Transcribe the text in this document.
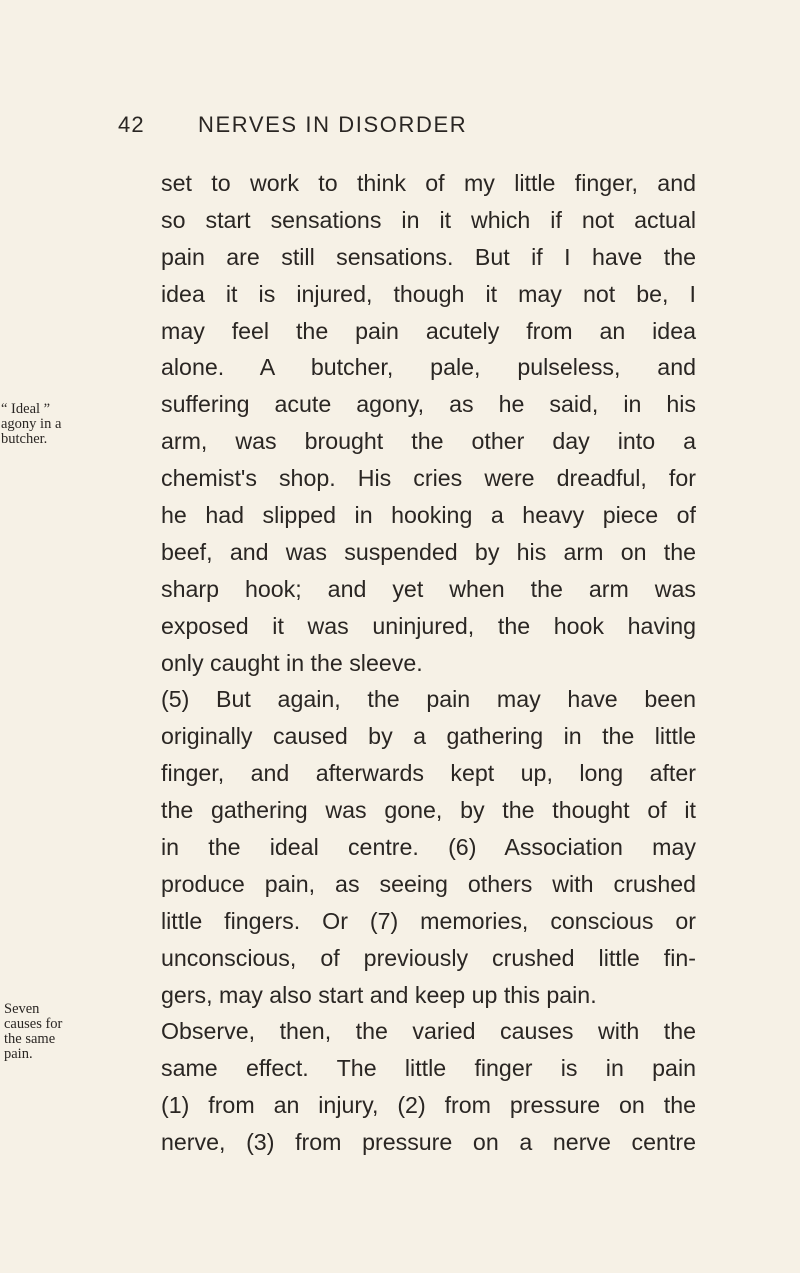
42 NERVES IN DISORDER
“ Ideal ”
agony in a
butcher.
Seven
causes for
the same
pain.
set to work to think of my little finger, and
so start sensations in it which if not actual
pain are still sensations. But if I have the
idea it is injured, though it may not be, I
may feel the pain acutely from an idea
alone. A butcher, pale, pulseless, and
suffering acute agony, as he said, in his
arm, was brought the other day into a
chemist's shop. His cries were dreadful, for
he had slipped in hooking a heavy piece of
beef, and was suspended by his arm on the
sharp hook; and yet when the arm was
exposed it was uninjured, the hook having
only caught in the sleeve.
(5) But again, the pain may have been
originally caused by a gathering in the little
finger, and afterwards kept up, long after
the gathering was gone, by the thought of it
in the ideal centre. (6) Association may
produce pain, as seeing others with crushed
little fingers. Or (7) memories, conscious or
unconscious, of previously crushed little fin-
gers, may also start and keep up this pain.
Observe, then, the varied causes with the
same effect. The little finger is in pain
(1) from an injury, (2) from pressure on the
nerve, (3) from pressure on a nerve centre
